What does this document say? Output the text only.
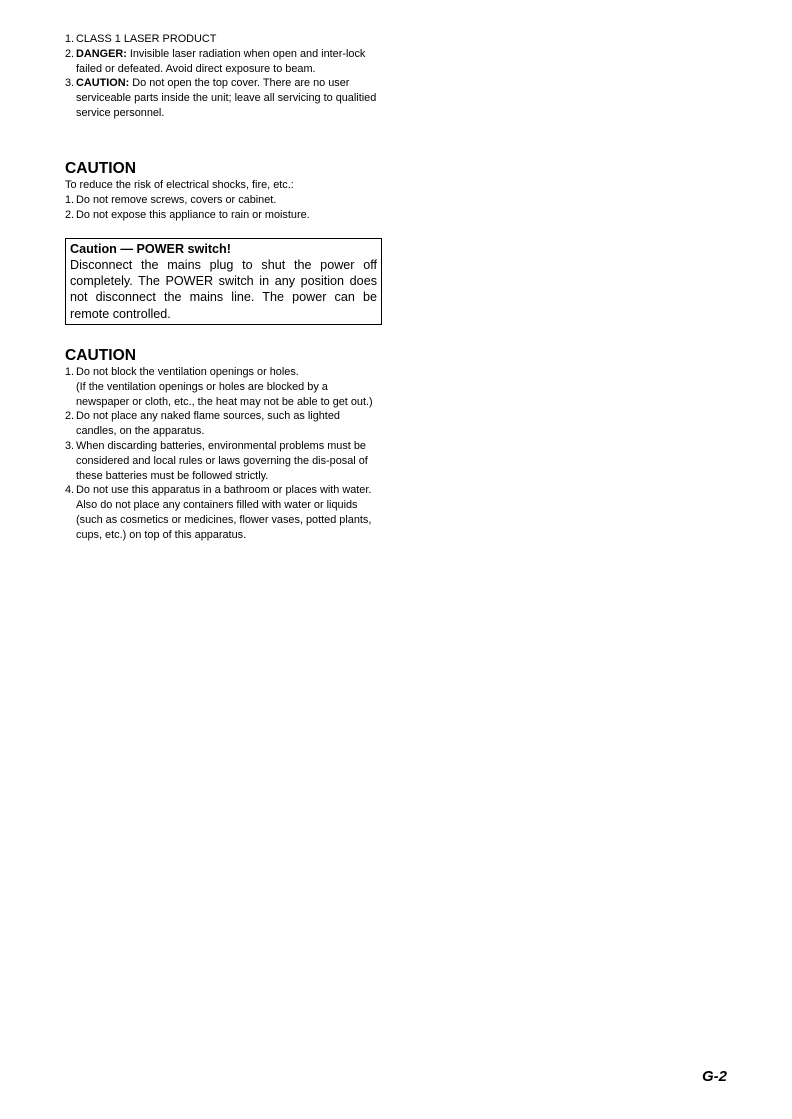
1. CLASS 1 LASER PRODUCT
2. DANGER: Invisible laser radiation when open and inter-lock failed or defeated. Avoid direct exposure to beam.
3. CAUTION: Do not open the top cover. There are no user serviceable parts inside the unit; leave all servicing to qualitied service personnel.
CAUTION

To reduce the risk of electrical shocks, fire, etc.:

1. Do not remove screws, covers or cabinet.
2. Do not expose this appliance to rain or moisture.

Caution — POWER switch!

Disconnect the mains plug to shut the power off completely. The POWER switch in any position does not disconnect the mains line. The power can be remote controlled.

CAUTION
1. Do not block the ventilation openings or holes.
(If the ventilation openings or holes are blocked by a newspaper or cloth, etc., the heat may not be able to get out.)
2. Do not place any naked flame sources, such as lighted candles, on the apparatus.
3. When discarding batteries, environmental problems must be considered and local rules or laws governing the dis-posal of these batteries must be followed strictly.
4. Do not use this apparatus in a bathroom or places with water. Also do not place any containers filled with water or liquids (such as cosmetics or medicines, flower vases, potted plants, cups, etc.) on top of this apparatus.
G-2
